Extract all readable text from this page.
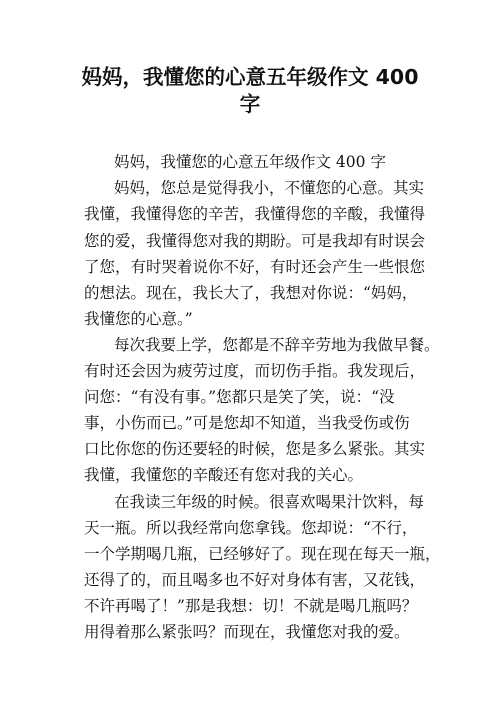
妈妈，我懂您的心意五年级作文 400
字

妈妈，我懂您的心意五年级作文 400 字

妈妈，您总是觉得我小，不懂您的心意。其实

我懂，我懂得您的辛苦，我懂得您的辛酸，我懂得

您的爱，我懂得您对我的期盼。可是我却有时误会

了您，有时哭着说你不好，有时还会产生一些恨您

的想法。现在，我长大了，我想对你说：“妈妈，

我懂您的心意。”

每次我要上学，您都是不辞辛劳地为我做早餐。

有时还会因为疲劳过度，而切伤手指。我发现后，

问您：“有没有事。”您都只是笑了笑，说：“没

事，小伤而已。”可是您却不知道，当我受伤或伤

口比你您的伤还要轻的时候，您是多么紧张。其实

我懂，我懂您的辛酸还有您对我的关心。

在我读三年级的时候。很喜欢喝果汁饮料，每

天一瓶。所以我经常向您拿钱。您却说：“不行，

一个学期喝几瓶，已经够好了。现在现在每天一瓶，

还得了的，而且喝多也不好对身体有害，又花钱，

不许再喝了！”那是我想：切！不就是喝几瓶吗？

用得着那么紧张吗？而现在，我懂您对我的爱。
